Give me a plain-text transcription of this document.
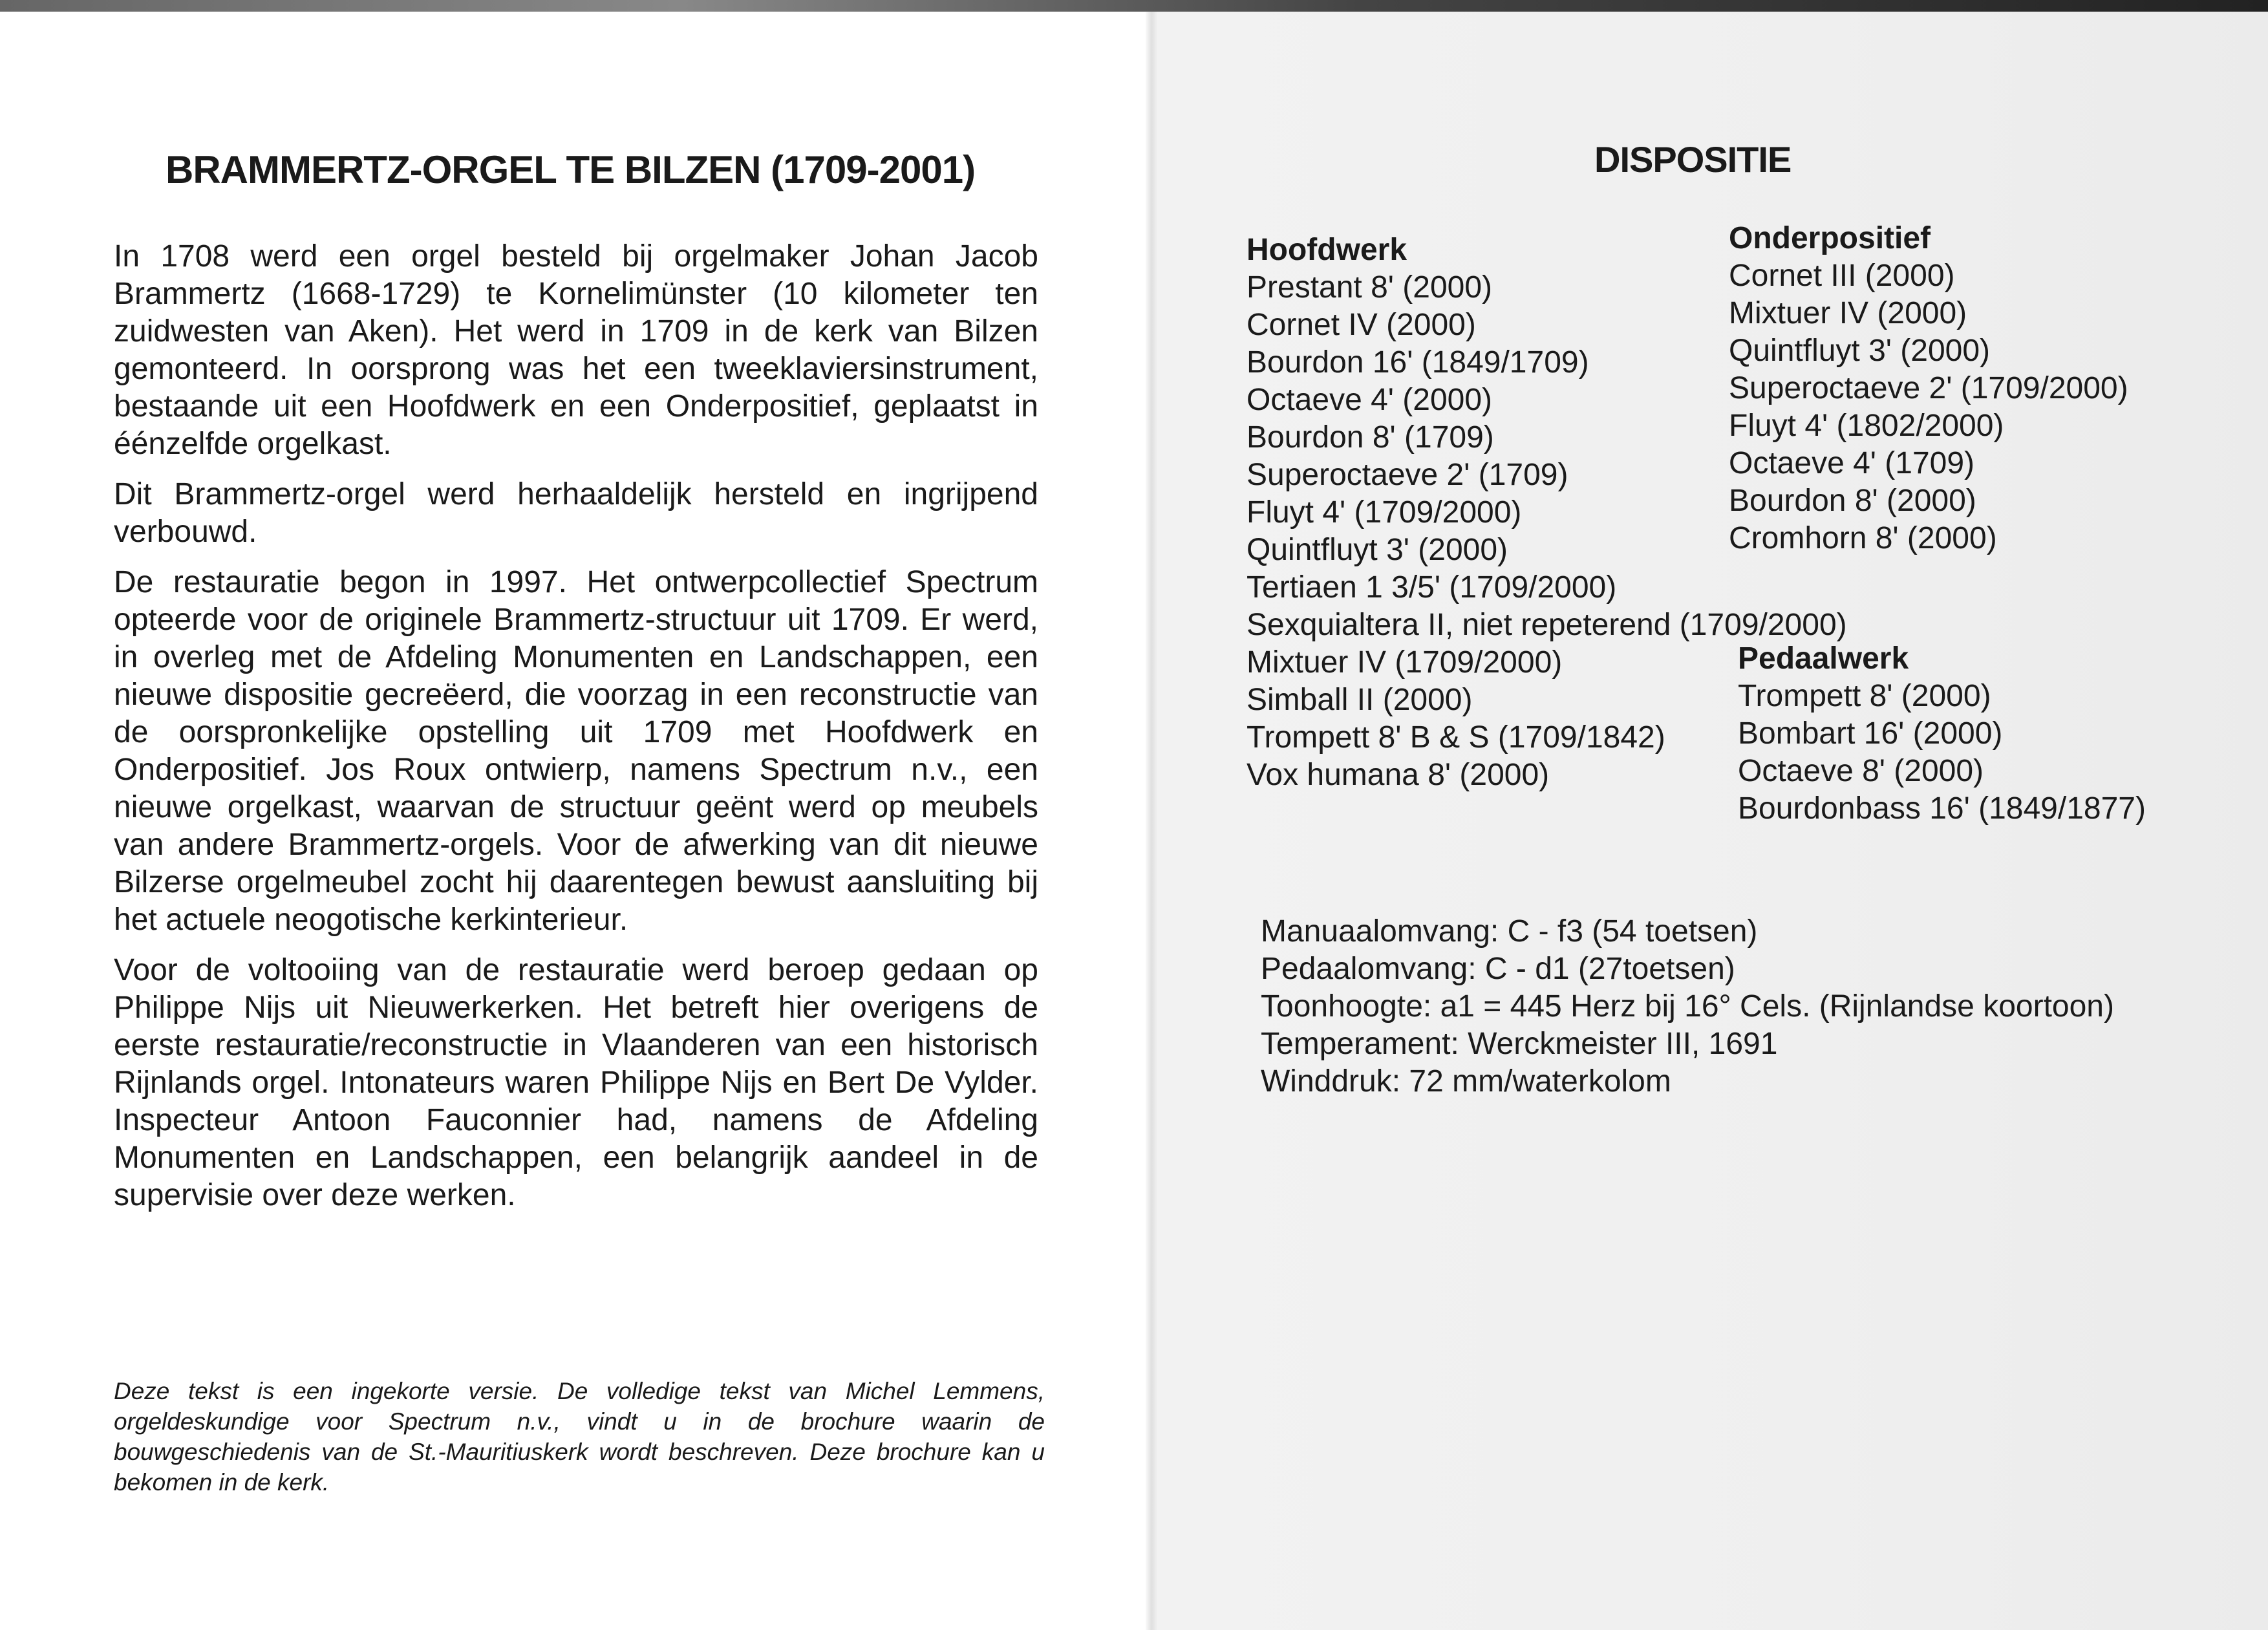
BRAMMERTZ-ORGEL TE BILZEN (1709-2001)

In 1708 werd een orgel besteld bij orgelmaker Johan Jacob Brammertz (1668-1729) te Kornelimünster (10 kilometer ten zuidwesten van Aken). Het werd in 1709 in de kerk van Bilzen gemonteerd. In oorsprong was het een tweeklaviersinstrument, bestaande uit een Hoofdwerk en een Onderpositief, geplaatst in éénzelfde orgelkast.

Dit Brammertz-orgel werd herhaaldelijk hersteld en ingrijpend verbouwd.

De restauratie begon in 1997. Het ontwerpcollectief Spectrum opteerde voor de originele Brammertz-structuur uit 1709. Er werd, in overleg met de Afdeling Monumenten en Landschappen, een nieuwe dispositie gecreëerd, die voorzag in een reconstructie van de oorspronkelijke opstelling uit 1709 met Hoofdwerk en Onderpositief. Jos Roux ontwierp, namens Spectrum n.v., een nieuwe orgelkast, waarvan de structuur geënt werd op meubels van andere Brammertz-orgels. Voor de afwerking van dit nieuwe Bilzerse orgelmeubel zocht hij daarentegen bewust aansluiting bij het actuele neogotische kerkinterieur.

Voor de voltooiing van de restauratie werd beroep gedaan op Philippe Nijs uit Nieuwerkerken. Het betreft hier overigens de eerste restauratie/reconstructie in Vlaanderen van een historisch Rijnlands orgel. Intonateurs waren Philippe Nijs en Bert De Vylder. Inspecteur Antoon Fauconnier had, namens de Afdeling Monumenten en Landschappen, een belangrijk aandeel in de supervisie over deze werken.

Deze tekst is een ingekorte versie. De volledige tekst van Michel Lemmens, orgeldeskundige voor Spectrum n.v., vindt u in de brochure waarin de bouwgeschiedenis van de St.-Mauritiuskerk wordt beschreven. Deze brochure kan u bekomen in de kerk.
DISPOSITIE
Hoofdwerk
Prestant 8' (2000)
Cornet IV (2000)
Bourdon 16' (1849/1709)
Octaeve 4' (2000)
Bourdon 8' (1709)
Superoctaeve 2' (1709)
Fluyt 4' (1709/2000)
Quintfluyt 3' (2000)
Tertiaen 1 3/5' (1709/2000)
Sexquialtera II, niet repeterend (1709/2000)
Mixtuer IV (1709/2000)
Simball II (2000)
Trompett 8' B & S (1709/1842)
Vox humana 8' (2000)
Onderpositief
Cornet III (2000)
Mixtuer IV (2000)
Quintfluyt 3' (2000)
Superoctaeve 2' (1709/2000)
Fluyt 4' (1802/2000)
Octaeve 4' (1709)
Bourdon 8' (2000)
Cromhorn 8' (2000)
Pedaalwerk
Trompett 8' (2000)
Bombart 16' (2000)
Octaeve 8' (2000)
Bourdonbass 16' (1849/1877)
Manuaalomvang: C - f3 (54 toetsen)
Pedaalomvang: C - d1 (27toetsen)
Toonhoogte: a1 = 445 Herz bij 16° Cels. (Rijnlandse koortoon)
Temperament: Werckmeister III, 1691
Winddruk: 72 mm/waterkolom
